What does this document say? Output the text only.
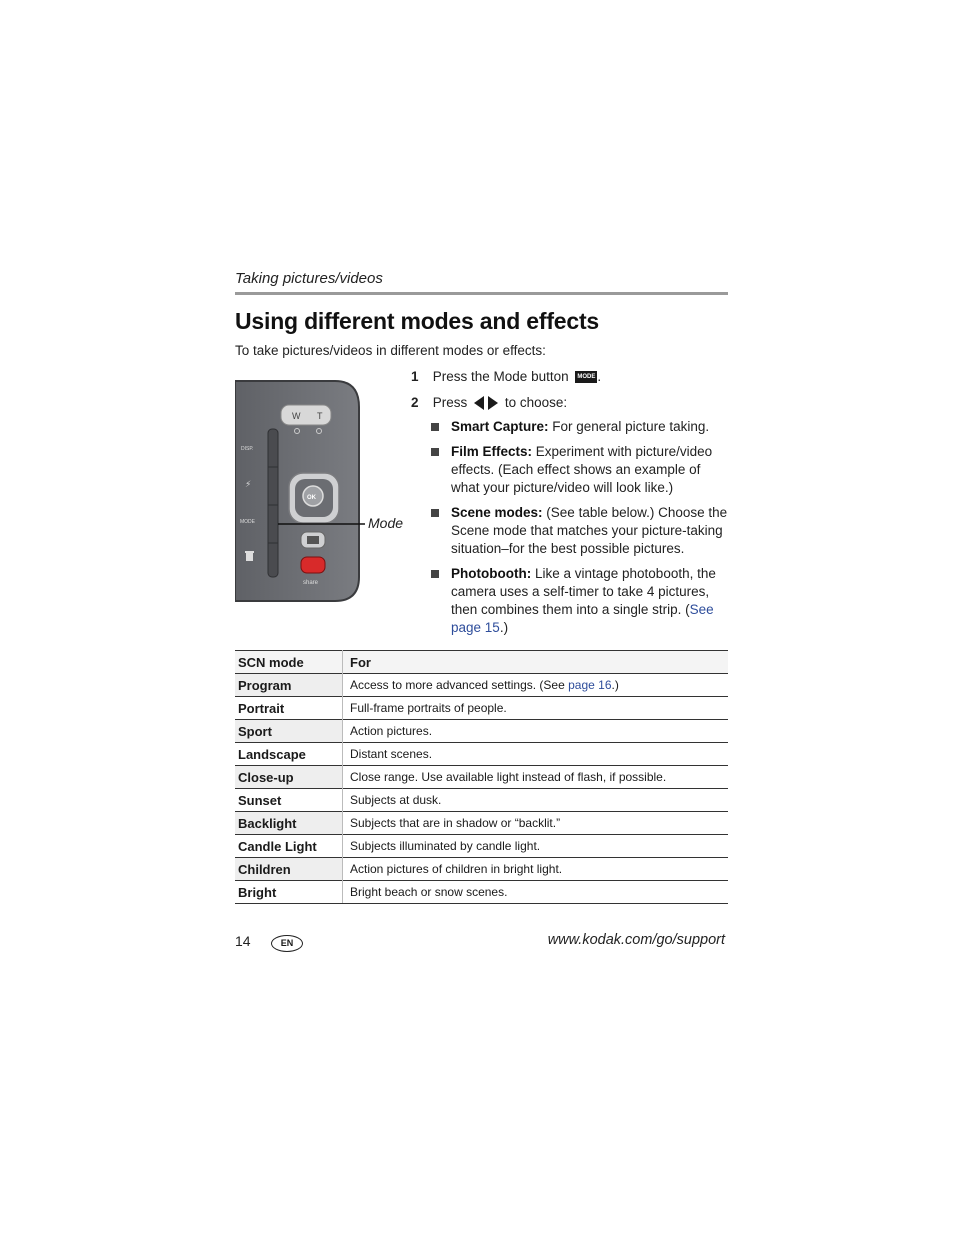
Taking pictures/videos
Using different modes and effects
To take pictures/videos in different modes or effects:
W T
DISP.
⚡
MODE
OK
share
Mode
1 Press the Mode button MODE .
2 Press	to choose:
Smart Capture: For general picture taking.
Film Effects: Experiment with picture/video effects. (Each effect shows an example of what your picture/video will look like.)
Scene modes: (See table below.) Choose the Scene mode that matches your picture-taking situation–for the best possible pictures.
Photobooth: Like a vintage photobooth, the camera uses a self-timer to take 4 pictures, then combines them into a single strip. (See page 15.)
SCN mode	For
Program	Access to more advanced settings. (See page 16.)
Portrait	Full-frame portraits of people.
Sport	Action pictures.
Landscape	Distant scenes.
Close-up	Close range. Use available light instead of flash, if possible.
Sunset	Subjects at dusk.
Backlight	Subjects that are in shadow or “backlit.”
Candle Light	Subjects illuminated by candle light.
Children	Action pictures of children in bright light.
Bright	Bright beach or snow scenes.
14	EN	www.kodak.com/go/support
